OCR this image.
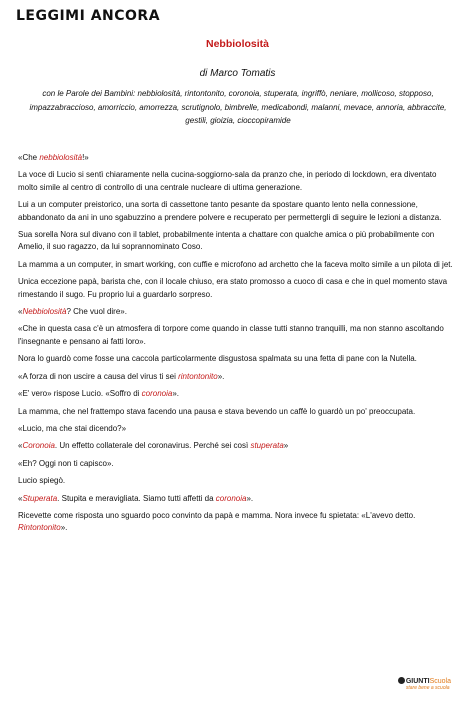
LEGGIMI ANCORA
Nebbiolosità
di Marco Tomatis
con le Parole dei Bambini: nebbiolosità, rintontonito, coronoia, stuperata, ingriffò, neniare, mollicoso, stopposo, impazzabraccioso, amorriccio, amorrezza, scrutignolo, bimbrelle, medicabondi, malanni, mevace, annoria, abbraccite, gestili, gioizia, cioccopiramide

«Che nebbiolosità!»

La voce di Lucio si sentì chiaramente nella cucina-soggiorno-sala da pranzo che, in periodo di lockdown, era diventato molto simile al centro di controllo di una centrale nucleare di ultima generazione.

Lui a un computer preistorico, una sorta di cassettone tanto pesante da spostare quanto lento nella connessione, abbandonato da ani in uno sgabuzzino a prendere polvere e recuperato per permettergli di seguire le lezioni a distanza.

Sua sorella Nora sul divano con il tablet, probabilmente intenta a chattare con qualche amica o più probabilmente con Amelio, il suo ragazzo, da lui soprannominato Coso.

La mamma a un computer, in smart working, con cuffie e microfono ad archetto che la faceva molto simile a un pilota di jet.

Unica eccezione papà, barista che, con il locale chiuso, era stato promosso a cuoco di casa e che in quel momento stava rimestando il sugo. Fu proprio lui a guardarlo sorpreso.

«Nebbiolosità? Che vuol dire».

«Che in questa casa c'è un atmosfera di torpore come quando in classe tutti stanno tranquilli, ma non stanno ascoltando l'insegnante e pensano ai fatti loro».

Nora lo guardò come fosse una caccola particolarmente disgustosa spalmata su una fetta di pane con la Nutella.

«A forza di non uscire a causa del virus ti sei rintontonito».

«E' vero» rispose Lucio. «Soffro di coronoia».

La mamma, che nel frattempo stava facendo una pausa e stava bevendo un caffè lo guardò un po' preoccupata.

«Lucio, ma che stai dicendo?»

«Coronoia. Un effetto collaterale del coronavirus. Perché sei così stuperata»

«Eh? Oggi non ti capisco».

Lucio spiegò.

«Stuperata. Stupita e meravigliata. Siamo tutti affetti da coronoia».

Ricevette come risposta uno sguardo poco convinto da papà e mamma. Nora invece fu spietata: «L'avevo detto. Rintontonito».

GIUNTIScuola
stare bene a scuola
